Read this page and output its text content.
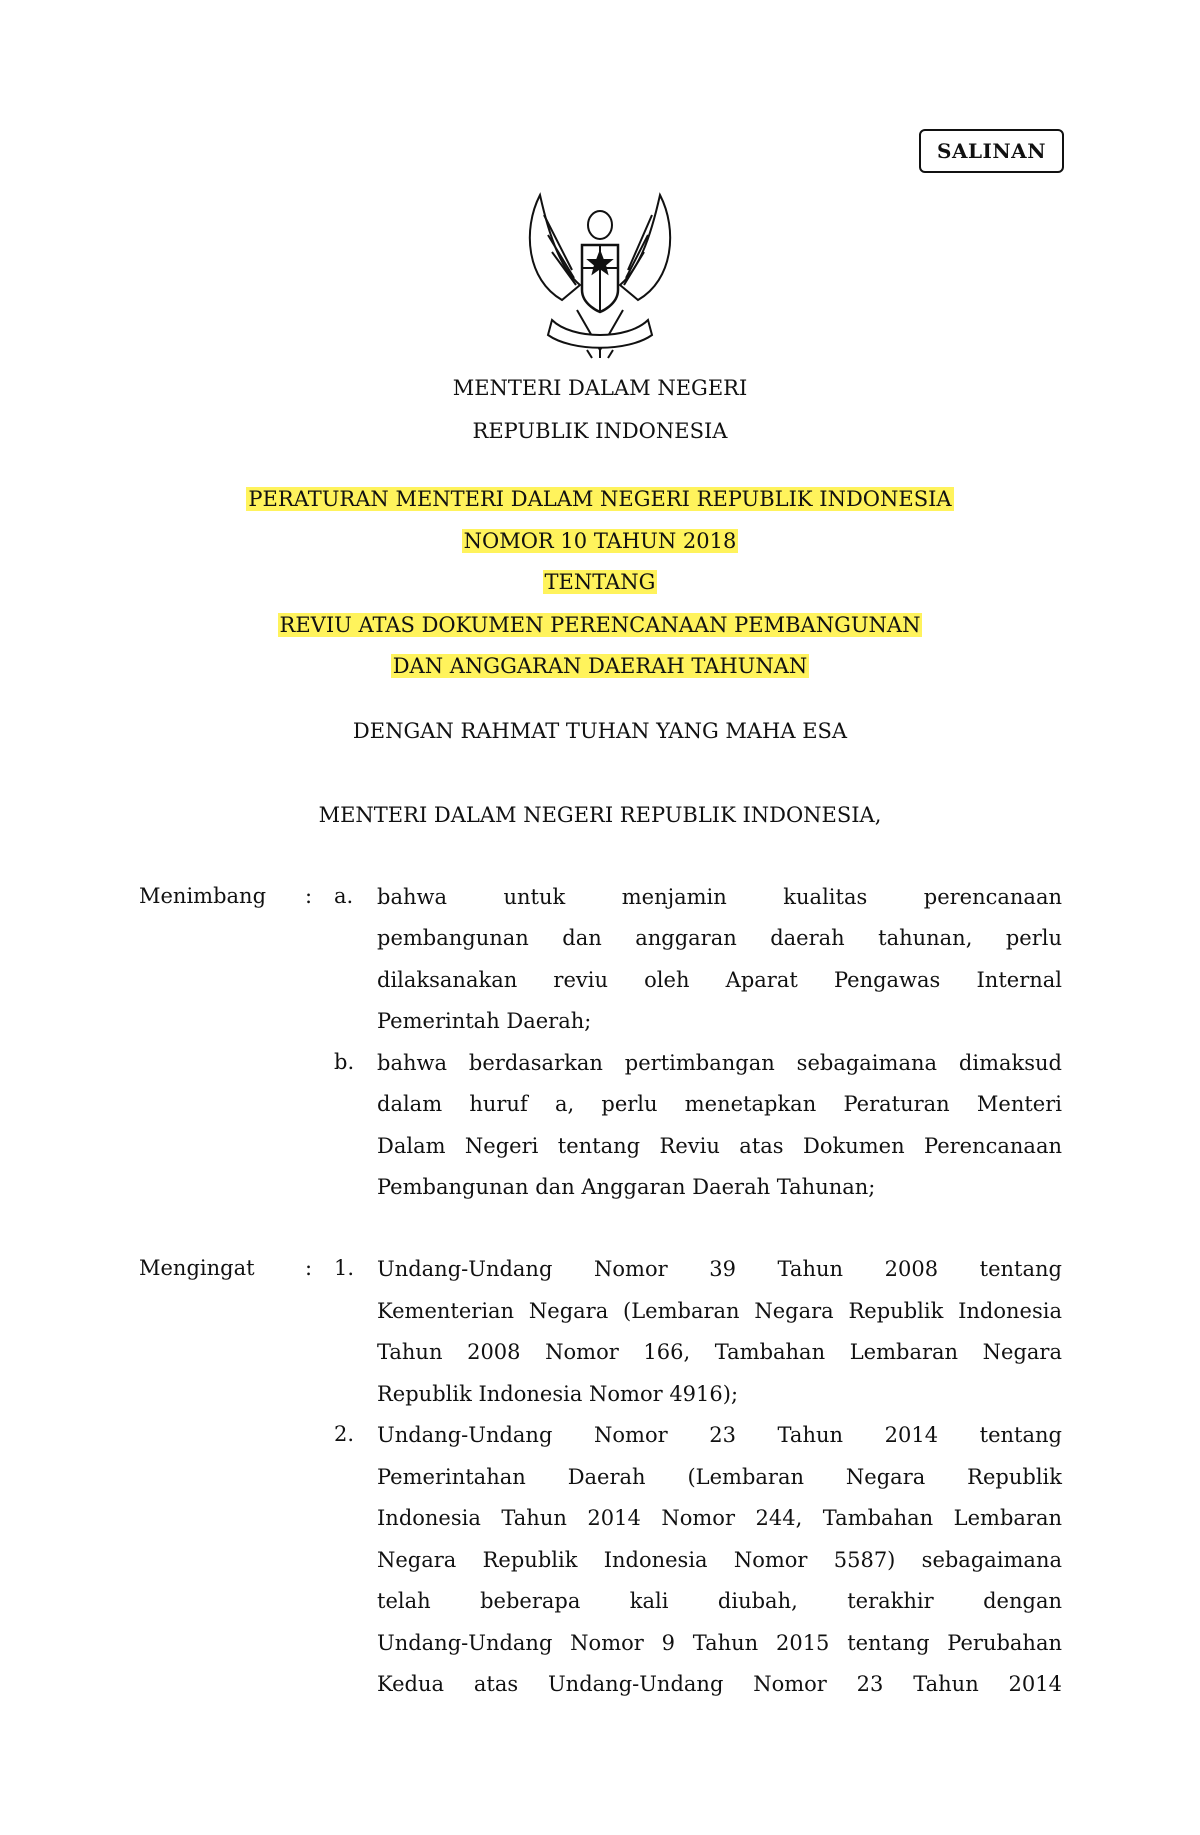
SALINAN
MENTERI DALAM NEGERI
REPUBLIK INDONESIA
PERATURAN MENTERI DALAM NEGERI REPUBLIK INDONESIA
NOMOR 10 TAHUN 2018
TENTANG
REVIU ATAS DOKUMEN PERENCANAAN PEMBANGUNAN
DAN ANGGARAN DAERAH TAHUNAN
DENGAN RAHMAT TUHAN YANG MAHA ESA
MENTERI DALAM NEGERI REPUBLIK INDONESIA,
Menimbang : a. bahwa untuk menjamin kualitas perencanaan
pembangunan dan anggaran daerah tahunan, perlu
dilaksanakan reviu oleh Aparat Pengawas Internal
Pemerintah Daerah;
b. bahwa berdasarkan pertimbangan sebagaimana dimaksud
dalam huruf a, perlu menetapkan Peraturan Menteri
Dalam Negeri tentang Reviu atas Dokumen Perencanaan
Pembangunan dan Anggaran Daerah Tahunan;
Mengingat : 1. Undang-Undang Nomor 39 Tahun 2008 tentang
Kementerian Negara (Lembaran Negara Republik Indonesia
Tahun 2008 Nomor 166, Tambahan Lembaran Negara
Republik Indonesia Nomor 4916);
2. Undang-Undang Nomor 23 Tahun 2014 tentang
Pemerintahan Daerah (Lembaran Negara Republik
Indonesia Tahun 2014 Nomor 244, Tambahan Lembaran
Negara Republik Indonesia Nomor 5587) sebagaimana
telah beberapa kali diubah, terakhir dengan
Undang-Undang Nomor 9 Tahun 2015 tentang Perubahan
Kedua atas Undang-Undang Nomor 23 Tahun 2014
